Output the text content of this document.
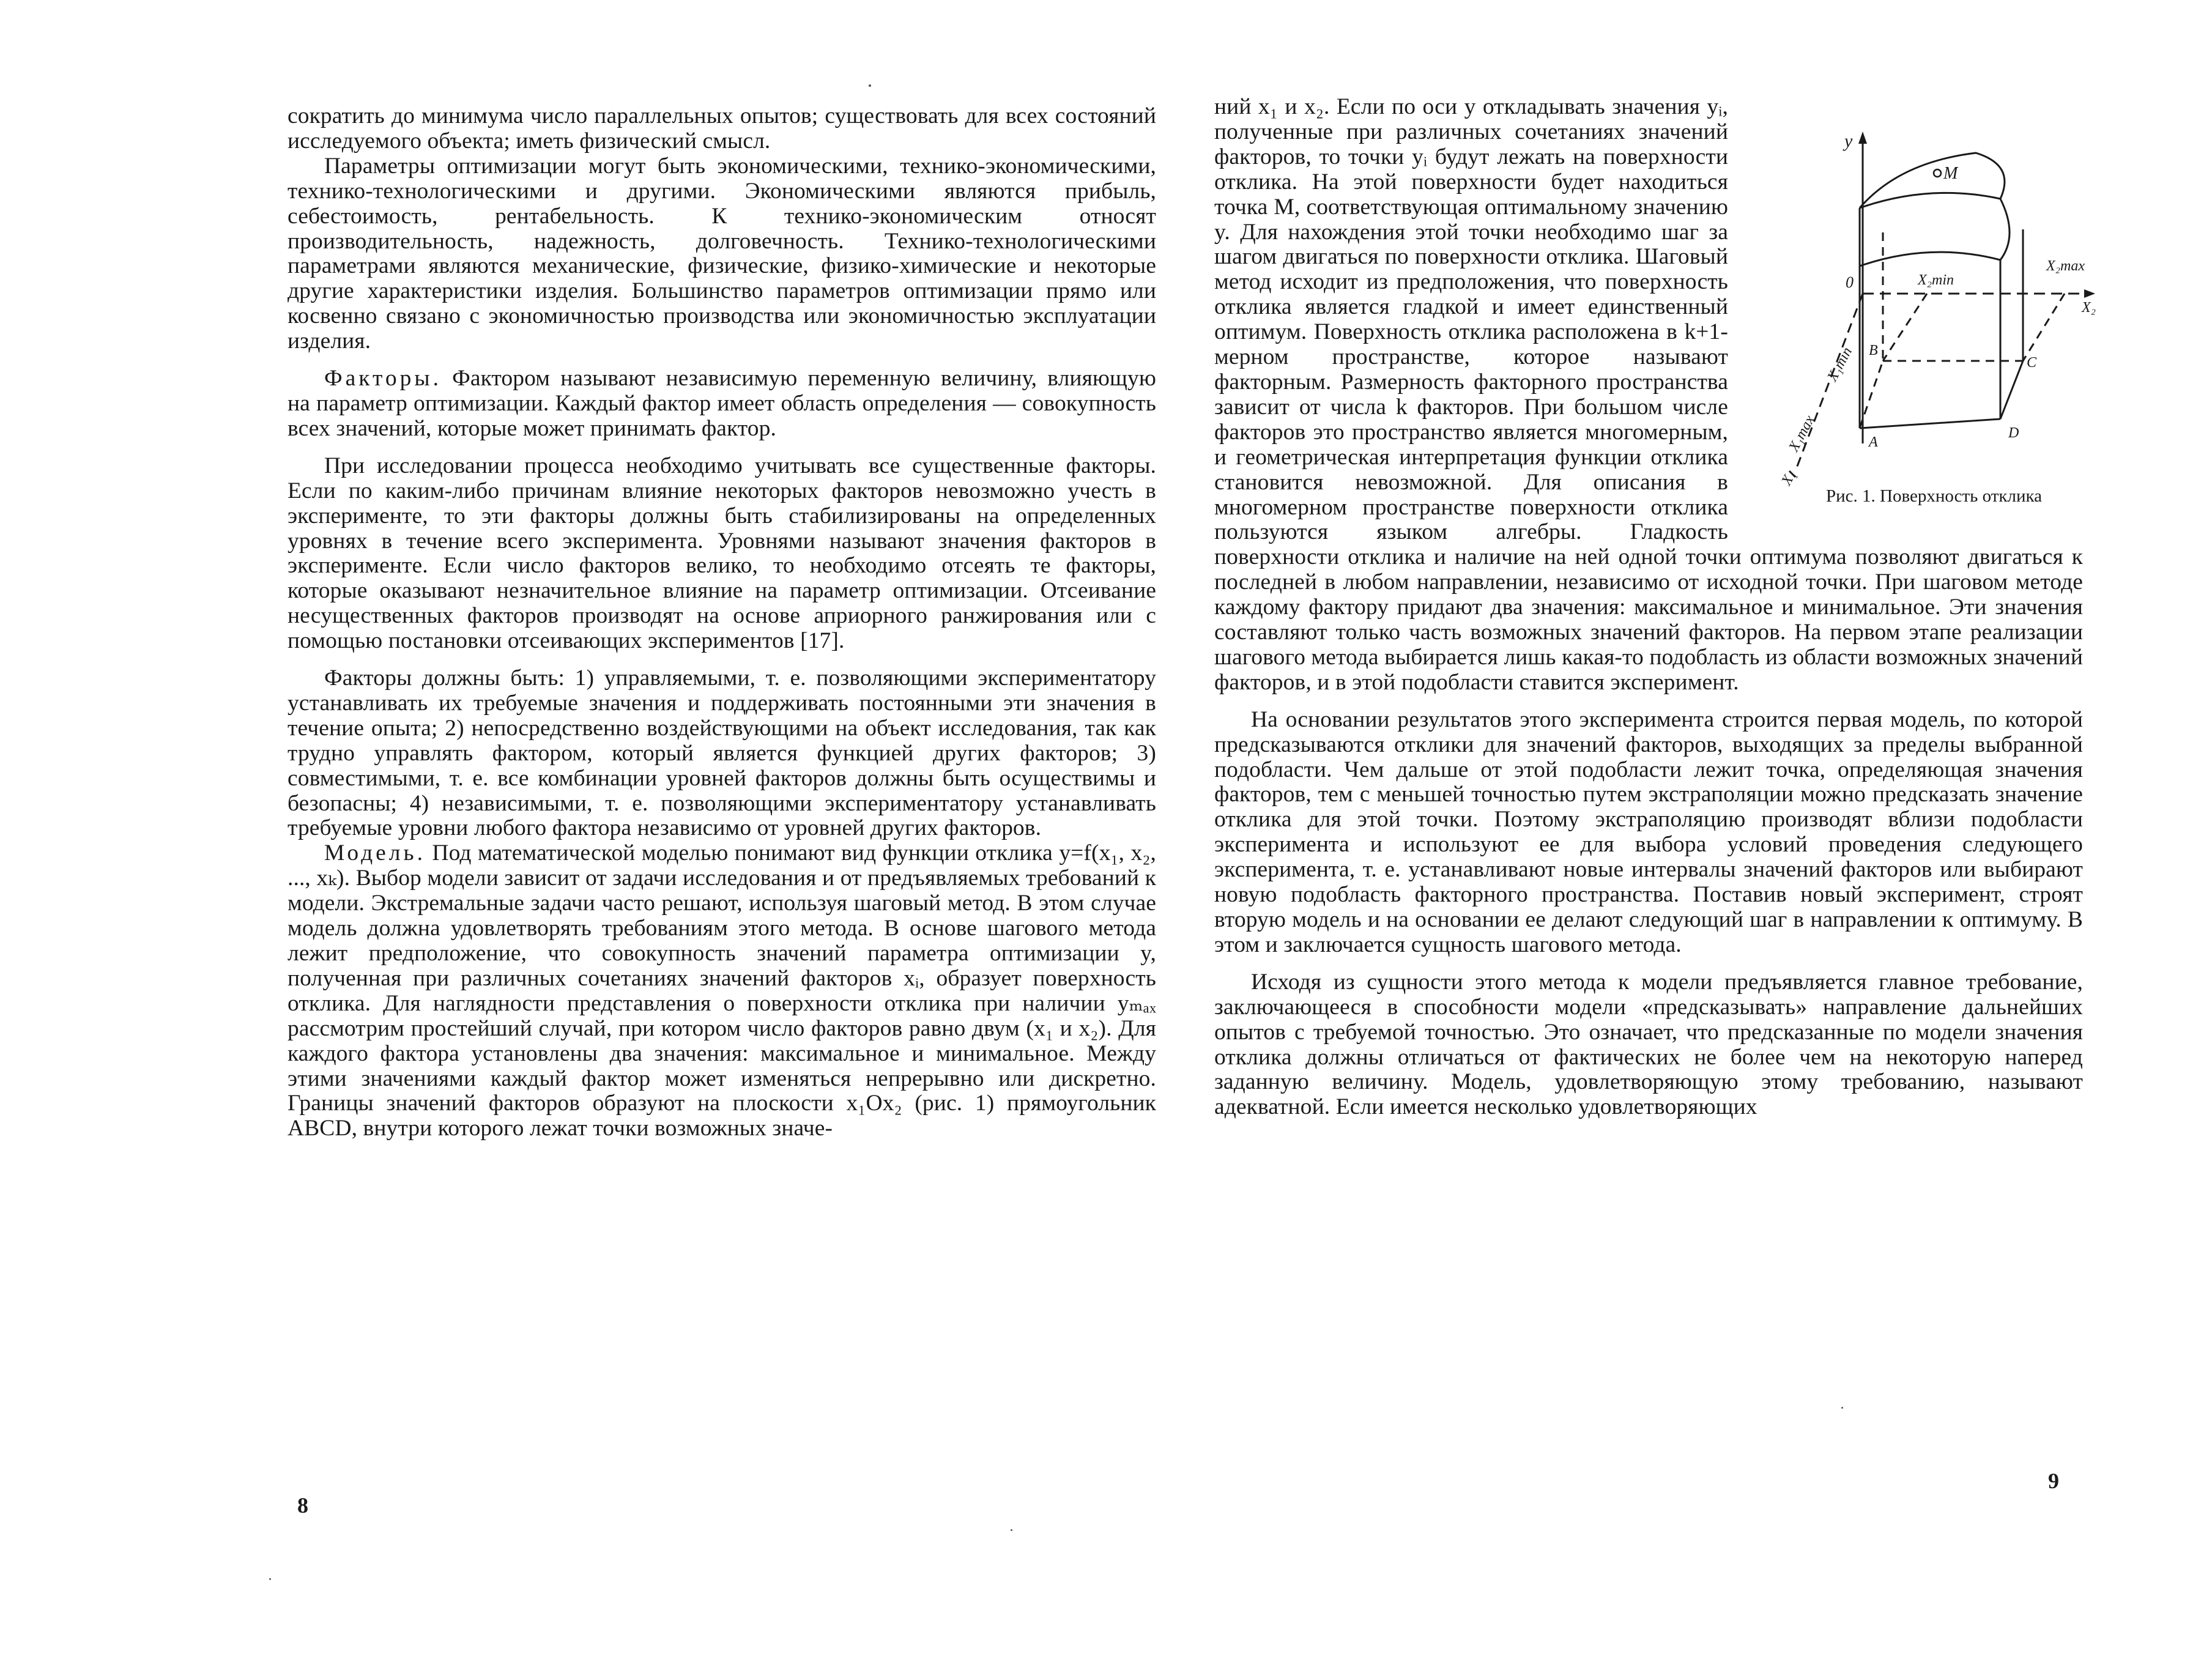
сократить до минимума число параллельных опытов; существовать для всех состояний исследуемого объекта; иметь физический смысл.

Параметры оптимизации могут быть экономическими, технико-экономическими, технико-технологическими и другими. Экономическими являются прибыль, себестоимость, рентабельность. К технико-экономическим относят производительность, надежность, долговечность. Технико-технологическими параметрами являются механические, физические, физико-химические и некоторые другие характеристики изделия. Большинство параметров оптимизации прямо или косвенно связано с экономичностью производства или экономичностью эксплуатации изделия.

Факторы. Фактором называют независимую переменную величину, влияющую на параметр оптимизации. Каждый фактор имеет область определения — совокупность всех значений, которые может принимать фактор.

При исследовании процесса необходимо учитывать все существенные факторы. Если по каким-либо причинам влияние некоторых факторов невозможно учесть в эксперименте, то эти факторы должны быть стабилизированы на определенных уровнях в течение всего эксперимента. Уровнями называют значения факторов в эксперименте. Если число факторов велико, то необходимо отсеять те факторы, которые оказывают незначительное влияние на параметр оптимизации. Отсеивание несущественных факторов производят на основе априорного ранжирования или с помощью постановки отсеивающих экспериментов [17].

Факторы должны быть: 1) управляемыми, т. е. позволяющими экспериментатору устанавливать их требуемые значения и поддерживать постоянными эти значения в течение опыта; 2) непосредственно воздействующими на объект исследования, так как трудно управлять фактором, который является функцией других факторов; 3) совместимыми, т. е. все комбинации уровней факторов должны быть осуществимы и безопасны; 4) независимыми, т. е. позволяющими экспериментатору устанавливать требуемые уровни любого фактора независимо от уровней других факторов.

Модель. Под математической моделью понимают вид функции отклика y=f(x₁, x₂, ..., xₖ). Выбор модели зависит от задачи исследования и от предъявляемых требований к модели. Экстремальные задачи часто решают, используя шаговый метод. В этом случае модель должна удовлетворять требованиям этого метода. В основе шагового метода лежит предположение, что совокупность значений параметра оптимизации y, полученная при различных сочетаниях значений факторов xᵢ, образует поверхность отклика. Для наглядности представления о поверхности отклика при наличии yₘₐₓ рассмотрим простейший случай, при котором число факторов равно двум (x₁ и x₂). Для каждого фактора установлены два значения: максимальное и минимальное. Между этими значениями каждый фактор может изменяться непрерывно или дискретно. Границы значений факторов образуют на плоскости x₁Ox₂ (рис. 1) прямоугольник ABCD, внутри которого лежат точки возможных значе-

8
y
M
0	X₂min
X₂max
X₂
X₁min
X₁max
X₁
A
B
C
D
Рис. 1. Поверхность отклика

ний x₁ и x₂. Если по оси y откладывать значения yᵢ, полученные при различных сочетаниях значений факторов, то точки yᵢ будут лежать на поверхности отклика. На этой поверхности будет находиться точка M, соответствующая оптимальному значению y. Для нахождения этой точки необходимо шаг за шагом двигаться по поверхности отклика. Шаговый метод исходит из предположения, что поверхность отклика является гладкой и имеет единственный оптимум. Поверхность отклика расположена в k+1-мерном пространстве, которое называют факторным. Размерность факторного пространства зависит от числа k факторов. При большом числе факторов это пространство является многомерным, и геометрическая интерпретация функции отклика становится невозможной. Для описания в многомерном пространстве поверхности отклика пользуются языком алгебры. Гладкость поверхности отклика и наличие на ней одной точки оптимума позволяют двигаться к последней в любом направлении, независимо от исходной точки. При шаговом методе каждому фактору придают два значения: максимальное и минимальное. Эти значения составляют только часть возможных значений факторов. На первом этапе реализации шагового метода выбирается лишь какая-то подобласть из области возможных значений факторов, и в этой подобласти ставится эксперимент.

На основании результатов этого эксперимента строится первая модель, по которой предсказываются отклики для значений факторов, выходящих за пределы выбранной подобласти. Чем дальше от этой подобласти лежит точка, определяющая значения факторов, тем с меньшей точностью путем экстраполяции можно предсказать значение отклика для этой точки. Поэтому экстраполяцию производят вблизи подобласти эксперимента и используют ее для выбора условий проведения следующего эксперимента, т. е. устанавливают новые интервалы значений факторов или выбирают новую подобласть факторного пространства. Поставив новый эксперимент, строят вторую модель и на основании ее делают следующий шаг в направлении к оптимуму. В этом и заключается сущность шагового метода.

Исходя из сущности этого метода к модели предъявляется главное требование, заключающееся в способности модели «предсказывать» направление дальнейших опытов с требуемой точностью. Это означает, что предсказанные по модели значения отклика должны отличаться от фактических не более чем на некоторую наперед заданную величину. Модель, удовлетворяющую этому требованию, называют адекватной. Если имеется несколько удовлетворяющих

9
